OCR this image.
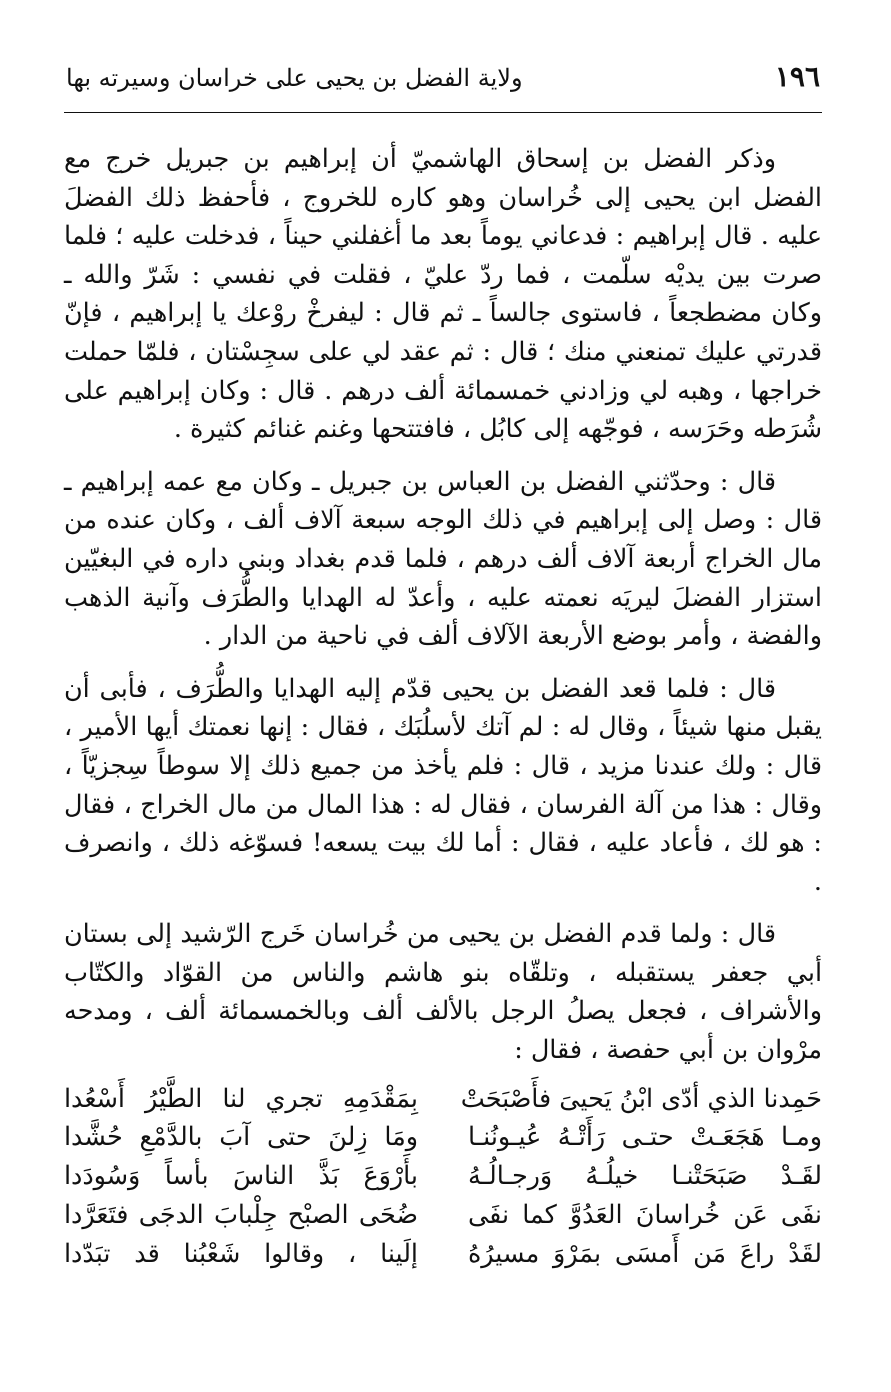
١٩٦
ولاية الفضل بن يحيى على خراسان وسيرته بها

وذكر الفضل بن إسحاق الهاشميّ أن إبراهيم بن جبريل خرج مع الفضل ابن يحيى إلى خُراسان وهو كاره للخروج ، فأحفظ ذلك الفضلَ عليه . قال إبراهيم : فدعاني يوماً بعد ما أغفلني حيناً ، فدخلت عليه ؛ فلما صرت بين يديْه سلّمت ، فما ردّ عليّ ، فقلت في نفسي : شَرّ والله ـ وكان مضطجعاً ، فاستوى جالساً ـ ثم قال : ليفرخْ روْعك يا إبراهيم ، فإنّ قدرتي عليك تمنعني منك ؛ قال : ثم عقد لي على سجِسْتان ، فلمّا حملت خراجها ، وهبه لي وزادني خمسمائة ألف درهم . قال : وكان إبراهيم على شُرَطه وحَرَسه ، فوجّهه إلى كابُل ، فافتتحها وغنم غنائم كثيرة .

قال : وحدّثني الفضل بن العباس بن جبريل ـ وكان مع عمه إبراهيم ـ قال : وصل إلى إبراهيم في ذلك الوجه سبعة آلاف ألف ، وكان عنده من مال الخراج أربعة آلاف ألف درهم ، فلما قدم بغداد وبنى داره في البغيّين استزار الفضلَ ليريَه نعمته عليه ، وأعدّ له الهدايا والطُّرَف وآنية الذهب والفضة ، وأمر بوضع الأربعة الآلاف ألف في ناحية من الدار .

قال : فلما قعد الفضل بن يحيى قدّم إليه الهدايا والطُّرَف ، فأبى أن يقبل منها شيئاً ، وقال له : لم آتك لأسلُبَك ، فقال : إنها نعمتك أيها الأمير ، قال : ولك عندنا مزيد ، قال : فلم يأخذ من جميع ذلك إلا سوطاً سِجزيّاً ، وقال : هذا من آلة الفرسان ، فقال له : هذا المال من مال الخراج ، فقال : هو لك ، فأعاد عليه ، فقال : أما لك بيت يسعه! فسوّغه ذلك ، وانصرف .

قال : ولما قدم الفضل بن يحيى من خُراسان خَرج الرّشيد إلى بستان أبي جعفر يستقبله ، وتلقّاه بنو هاشم والناس من القوّاد والكتّاب والأشراف ، فجعل يصلُ الرجل بالألف ألف وبالخمسمائة ألف ، ومدحه مرْوان بن أبي حفصة ، فقال :

حَمِدنا الذي أدّى ابْنُ يَحيىَ فأَصْبَحَتْ
بِمَقْدَمِهِ تجري لنا الطَّيْرُ أَسْعُدا
ومـا هَجَعَـتْ حتـى رَأَتْـهُ عُيـونُنـا
ومَا زِلنَ حتى آبَ بالدَّمْعِ حُشَّدا
لقَـدْ صَبَحَتْنـا خيلُـهُ وَرجـالُـهُ
بأَرْوَعَ بَذَّ الناسَ بأساً وَسُودَدا
نفَى عَن خُراسانَ العَدُوَّ كما نفَى
ضُحَى الصبْح جِلْبابَ الدجَى فتَعَرَّدا
لقَدْ راعَ مَن أَمسَى بمَرْوَ مسيرُهُ
إلَينا ، وقالوا شَعْبُنا قد تبَدّدا
